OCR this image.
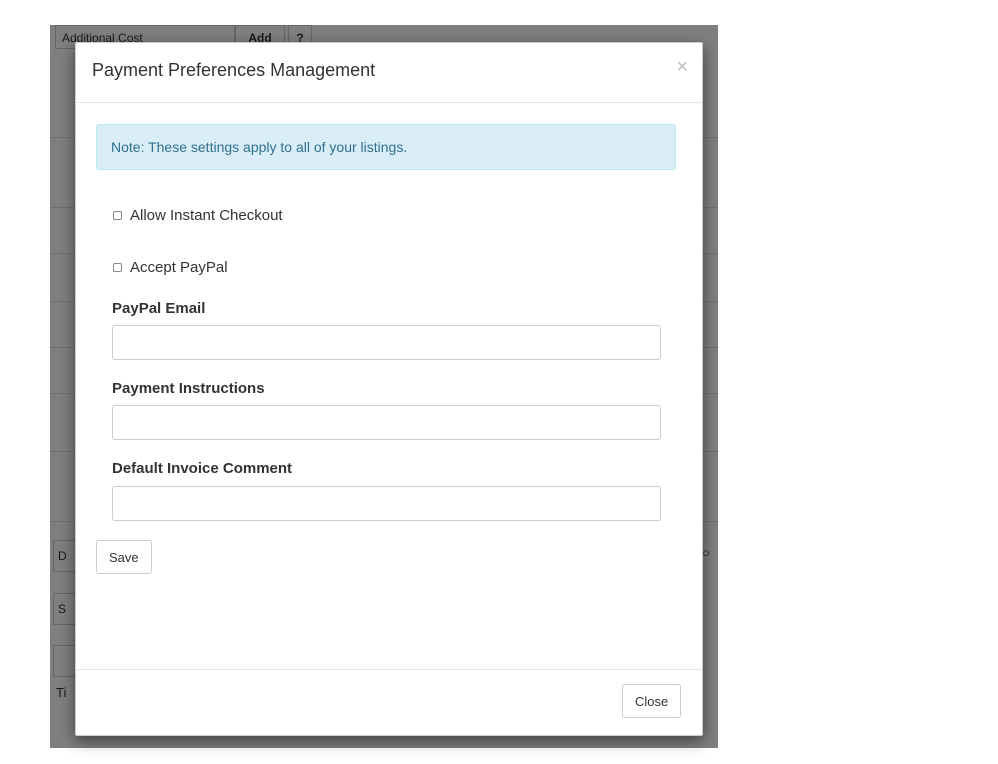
Payment Preferences Management	×
Note: These settings apply to all of your listings.
Allow Instant Checkout
Accept PayPal
PayPal Email
Payment Instructions
Default Invoice Comment
Save
Close
